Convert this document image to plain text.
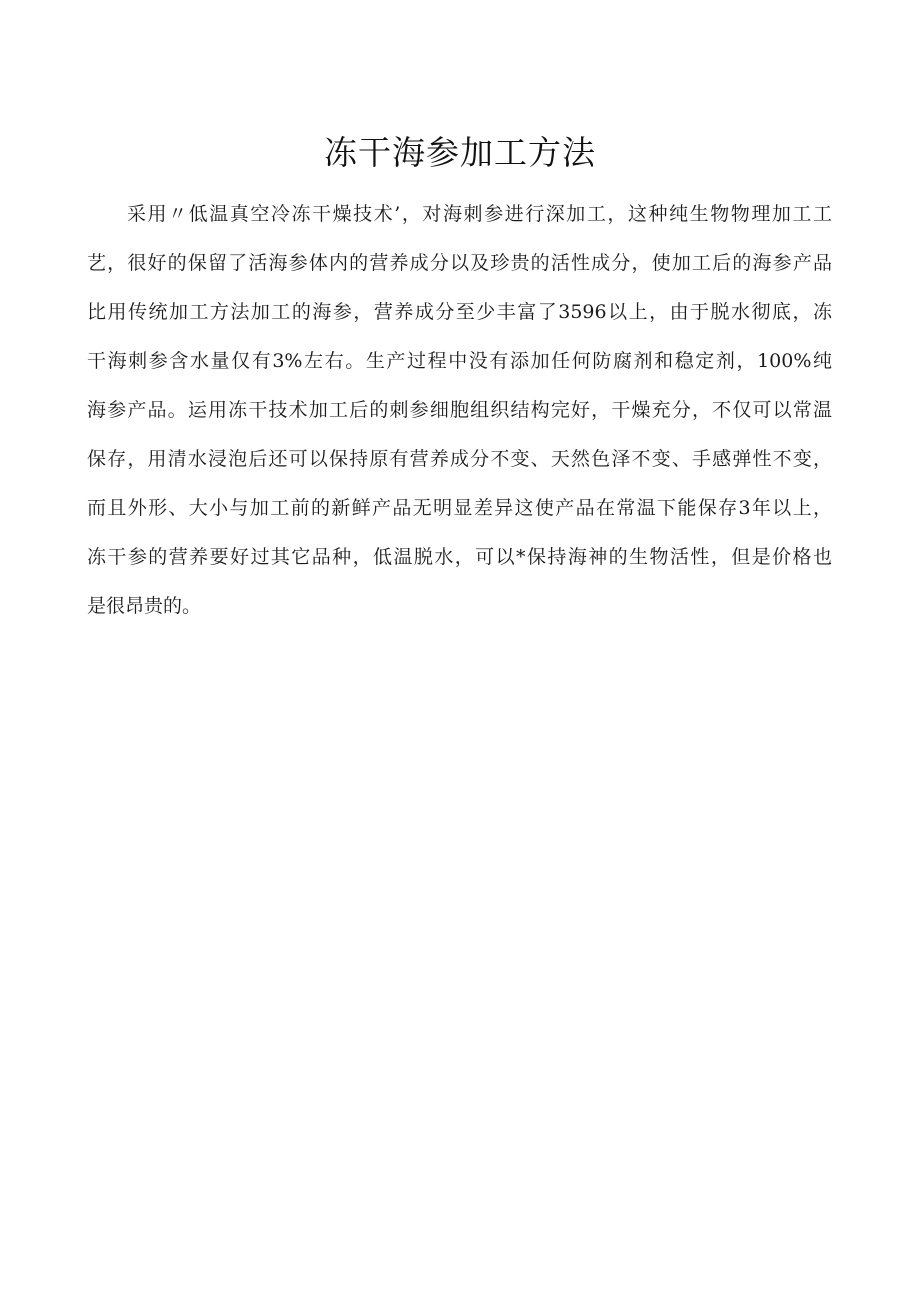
冻干海参加工方法
采用〃低温真空冷冻干燥技术’，对海刺参进行深加工，这种纯生物物理加工工
艺，很好的保留了活海参体内的营养成分以及珍贵的活性成分，使加工后的海参产品
比用传统加工方法加工的海参，营养成分至少丰富了3596以上，由于脱水彻底，冻
干海刺参含水量仅有3%左右。生产过程中没有添加任何防腐剂和稳定剂，100%纯
海参产品。运用冻干技术加工后的刺参细胞组织结构完好，干燥充分，不仅可以常温
保存，用清水浸泡后还可以保持原有营养成分不变、天然色泽不变、手感弹性不变，
而且外形、大小与加工前的新鲜产品无明显差异这使产品在常温下能保存3年以上，
冻干参的营养要好过其它品种，低温脱水，可以*保持海神的生物活性，但是价格也
是很昂贵的。
